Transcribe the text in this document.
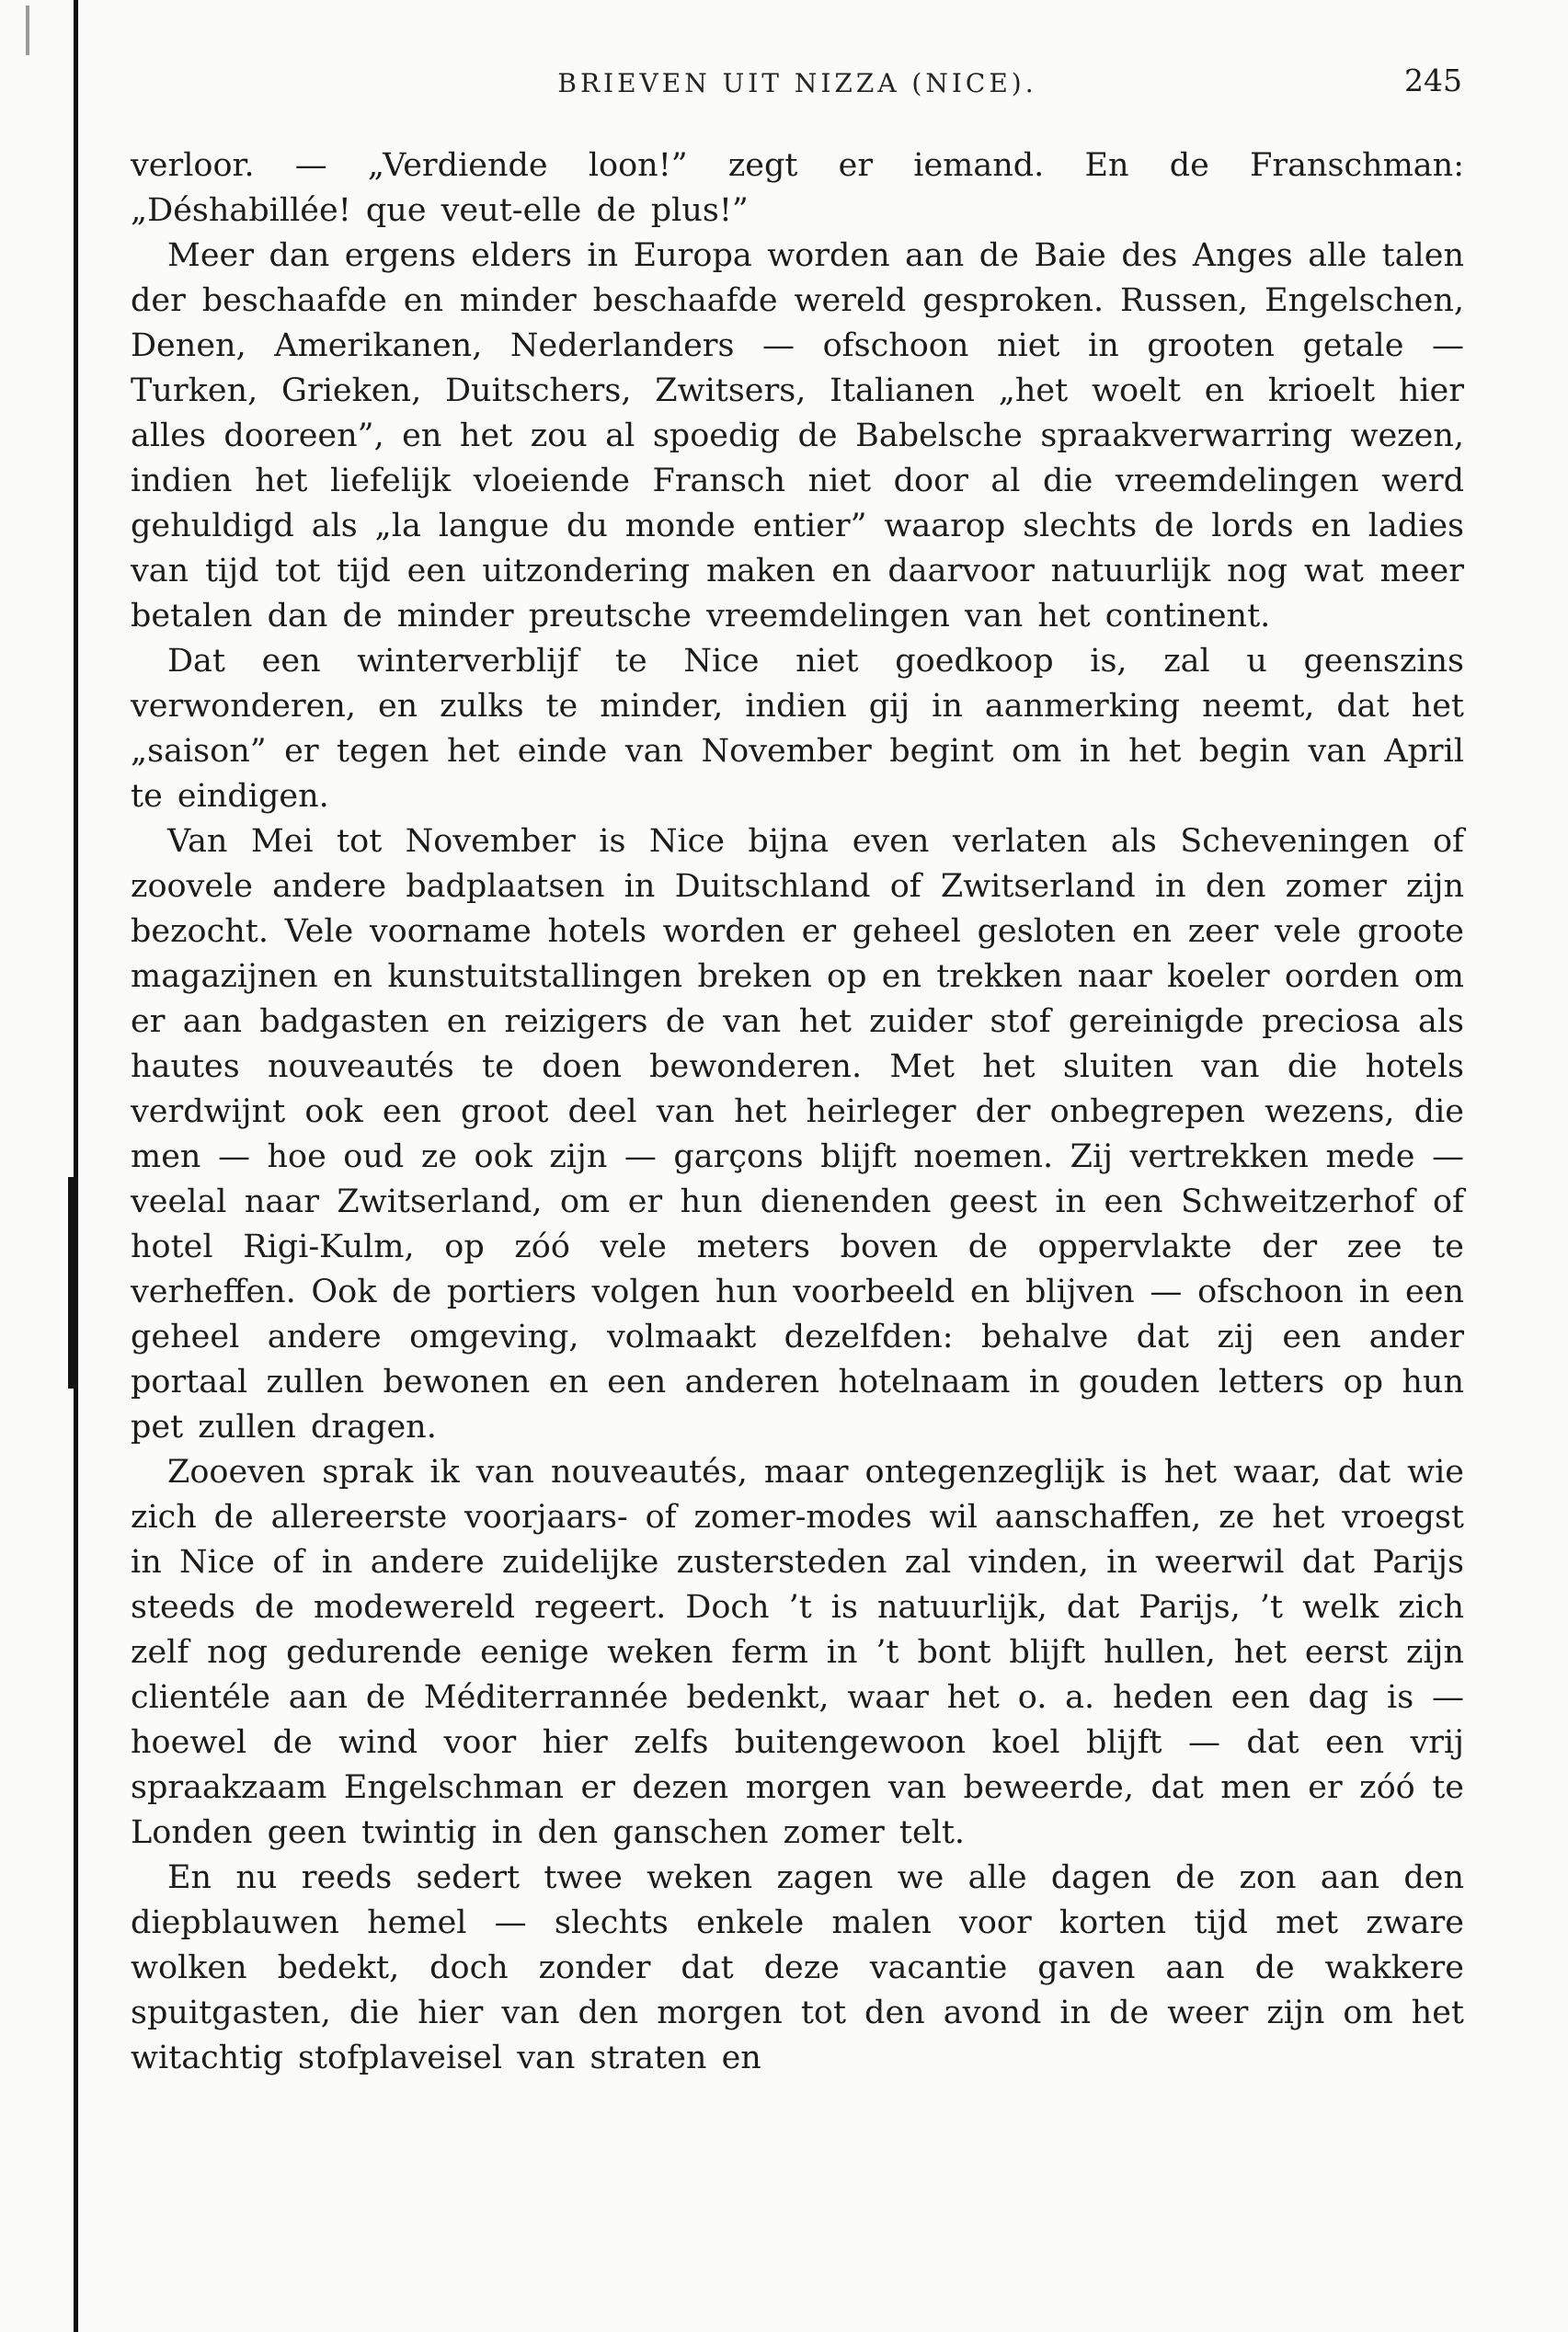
BRIEVEN UIT NIZZA (NICE).	245

verloor. — „Verdiende loon!” zegt er iemand. En de Franschman: „Déshabillée! que veut-elle de plus!”

Meer dan ergens elders in Europa worden aan de Baie des Anges alle talen der beschaafde en minder beschaafde wereld gesproken. Russen, Engelschen, Denen, Amerikanen, Nederlanders — ofschoon niet in grooten getale — Turken, Grieken, Duitschers, Zwitsers, Italianen „het woelt en krioelt hier alles dooreen”, en het zou al spoedig de Babelsche spraakverwarring wezen, indien het liefelijk vloeiende Fransch niet door al die vreemdelingen werd gehuldigd als „la langue du monde entier” waarop slechts de lords en ladies van tijd tot tijd een uitzondering maken en daarvoor natuurlijk nog wat meer betalen dan de minder preutsche vreemdelingen van het continent.

Dat een winterverblijf te Nice niet goedkoop is, zal u geenszins verwonderen, en zulks te minder, indien gij in aanmerking neemt, dat het „saison” er tegen het einde van November begint om in het begin van April te eindigen.

Van Mei tot November is Nice bijna even verlaten als Scheveningen of zoovele andere badplaatsen in Duitschland of Zwitserland in den zomer zijn bezocht. Vele voorname hotels worden er geheel gesloten en zeer vele groote magazijnen en kunstuitstallingen breken op en trekken naar koeler oorden om er aan badgasten en reizigers de van het zuider stof gereinigde preciosa als hautes nouveautés te doen bewonderen. Met het sluiten van die hotels verdwijnt ook een groot deel van het heirleger der onbegrepen wezens, die men — hoe oud ze ook zijn — garçons blijft noemen. Zij vertrekken mede — veelal naar Zwitserland, om er hun dienenden geest in een Schweitzerhof of hotel Rigi-Kulm, op zóó vele meters boven de oppervlakte der zee te verheffen. Ook de portiers volgen hun voorbeeld en blijven — ofschoon in een geheel andere omgeving, volmaakt dezelfden: behalve dat zij een ander portaal zullen bewonen en een anderen hotelnaam in gouden letters op hun pet zullen dragen.

Zooeven sprak ik van nouveautés, maar ontegenzeglijk is het waar, dat wie zich de allereerste voorjaars- of zomer-modes wil aanschaffen, ze het vroegst in Nice of in andere zuidelijke zustersteden zal vinden, in weerwil dat Parijs steeds de modewereld regeert. Doch ’t is natuurlijk, dat Parijs, ’t welk zich zelf nog gedurende eenige weken ferm in ’t bont blijft hullen, het eerst zijn clientéle aan de Méditerrannée bedenkt, waar het o. a. heden een dag is — hoewel de wind voor hier zelfs buitengewoon koel blijft — dat een vrij spraakzaam Engelschman er dezen morgen van beweerde, dat men er zóó te Londen geen twintig in den ganschen zomer telt.

En nu reeds sedert twee weken zagen we alle dagen de zon aan den diepblauwen hemel — slechts enkele malen voor korten tijd met zware wolken bedekt, doch zonder dat deze vacantie gaven aan de wakkere spuitgasten, die hier van den morgen tot den avond in de weer zijn om het witachtig stofplaveisel van straten en
